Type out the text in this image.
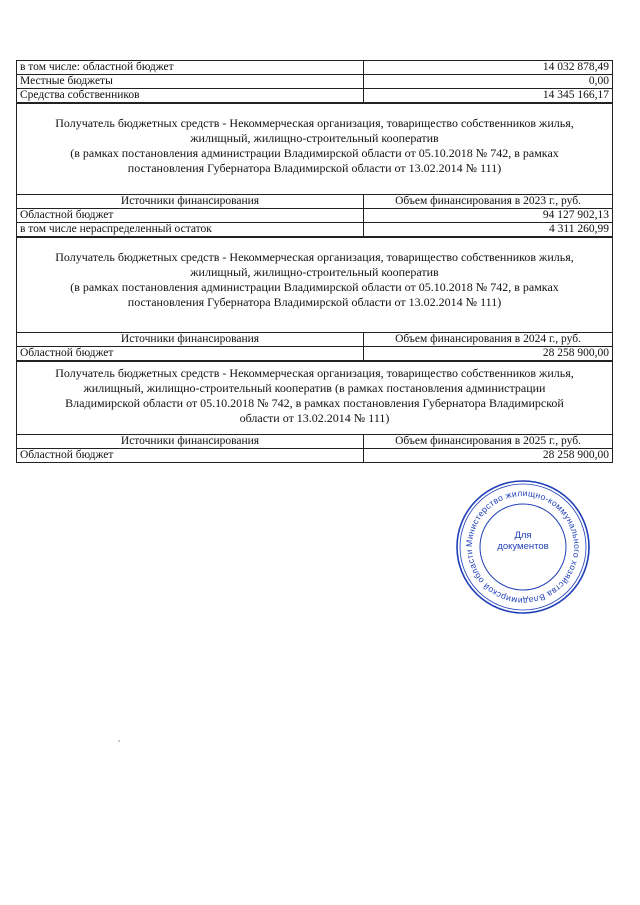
в том числе: областной бюджет	14 032 878,49
Местные бюджеты	0,00
Средства собственников	14 345 166,17
Получатель бюджетных средств - Некоммерческая организация, товарищество собственников жилья,
жилищный, жилищно-строительный кооператив
(в рамках постановления администрации Владимирской области от 05.10.2018 № 742, в рамках
постановления Губернатора Владимирской области от 13.02.2014 № 111)	

Источники финансирования	Объем финансирования в 2023 г., руб.
Областной бюджет	94 127 902,13
в том числе нераспределенный остаток	4 311 260,99
Получатель бюджетных средств - Некоммерческая организация, товарищество собственников жилья,
жилищный, жилищно-строительный кооператив
(в рамках постановления администрации Владимирской области от 05.10.2018 № 742, в рамках
постановления Губернатора Владимирской области от 13.02.2014 № 111)	

Источники финансирования	Объем финансирования в 2024 г., руб.
Областной бюджет	28 258 900,00
Получатель бюджетных средств - Некоммерческая организация, товарищество собственников жилья,
жилищный, жилищно-строительный кооператив (в рамках постановления администрации
Владимирской области от 05.10.2018 № 742, в рамках постановления Губернатора Владимирской
области от 13.02.2014 № 111)	

Источники финансирования	Объем финансирования в 2025 г., руб.
Областной бюджет	28 258 900,00
Министерство жилищно-коммунального хозяйства Владимирской области
Для
документов
